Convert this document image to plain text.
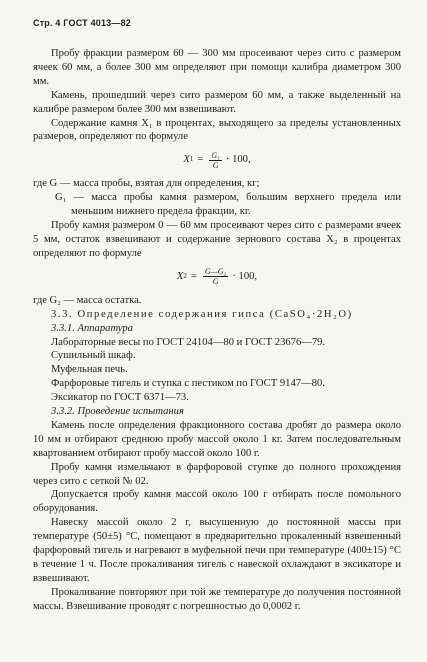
Стр. 4 ГОСТ 4013—82

Пробу фракции размером 60 — 300 мм просеивают через сито с размером ячеек 60 мм, а более 300 мм определяют при помощи калибра диаметром 300 мм.

Камень, прошедший через сито размером 60 мм, а также выделенный на калибре размером более 300 мм взвешивают.

Содержание камня X₁ в процентах, выходящего за пределы установленных размеров, определяют по формуле

X $1 = \frac{\text{G₁}}{G} \cdot 100$,

где G — масса пробы, взятая для определения, кг;

G₁ — масса пробы камня размером, большим верхнего предела или меньшим нижнего предела фракции, кг.

Пробу камня размером 0 — 60 мм просеивают через сито с размерами ячеек 5 мм, остаток взвешивают и содержание зернового состава X₂ в процентах определяют по формуле

X $2 = \frac{\text{G—G₂}}{G} \cdot 100$,

где G₂ — масса остатка.

3.3. Определение содержания гипса (CaSO₄·2H₂O)

3.3.1. Аппаратура

Лабораторные весы по ГОСТ 24104—80 и ГОСТ 23676—79.

Сушильный шкаф.

Муфельная печь.

Фарфоровые тигель и ступка с пестиком по ГОСТ 9147—80.

Эксикатор по ГОСТ 6371—73.

3.3.2. Проведение испытания

Камень после определения фракционного состава дробят до размера около 10 мм и отбирают среднюю пробу массой около 1 кг. Затем последовательным квартованием отбирают пробу массой около 100 г.

Пробу камня измельчают в фарфоровой ступке до полного прохождения через сито с сеткой № 02.

Допускается пробу камня массой около 100 г отбирать после помольного оборудования.

Навеску массой около 2 г, высушенную до постоянной массы при температуре (50±5) °С, помещают в предварительно прокаленный взвешенный фарфоровый тигель и нагревают в муфельной печи при температуре (400±15) °С в течение 1 ч. После прокаливания тигель с навеской охлаждают в эксикаторе и взвешивают.

Прокаливание повторяют при той же температуре до получения постоянной массы. Взвешивание проводят с погрешностью до 0,0002 г.
